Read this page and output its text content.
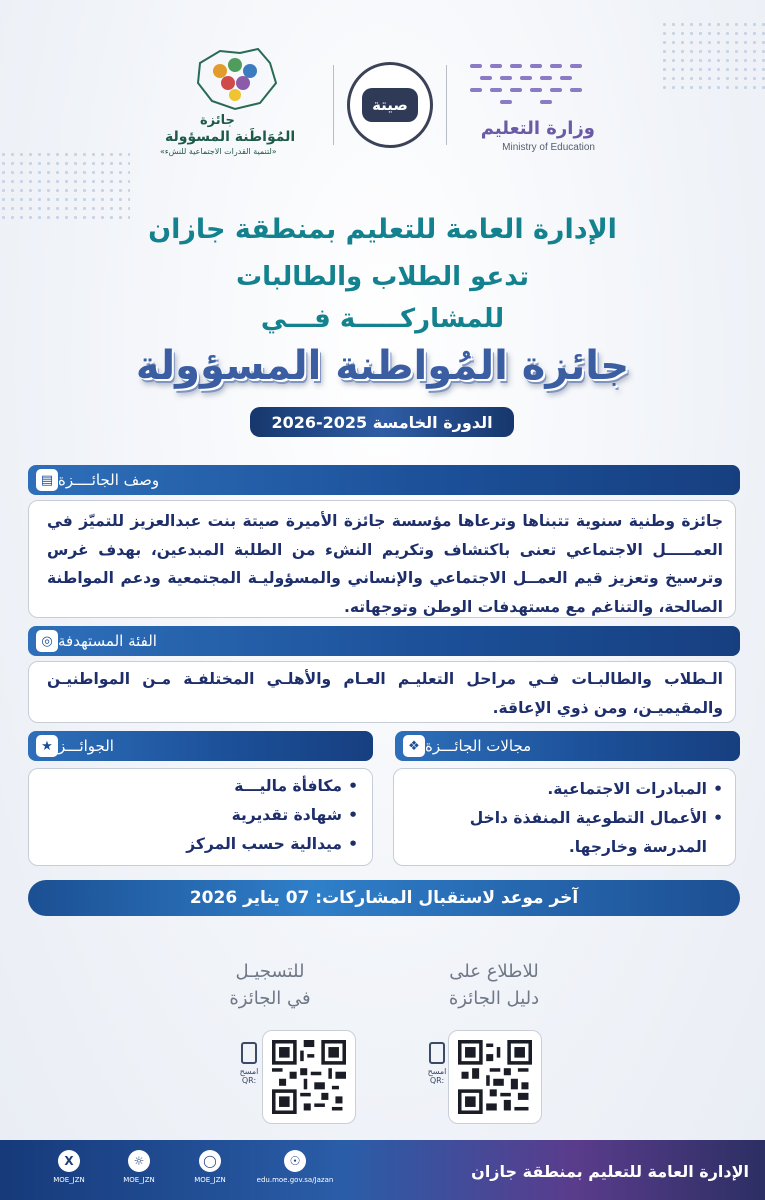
جائزة
المُوَاطَنة المسؤولة
«لتنمية القدرات الاجتماعية للنشء»
صيتة
وزارة التعليم
Ministry of Education
الإدارة العامة للتعليم بمنطقة جازان
تدعو الطلاب والطالبات
للمشاركـــــة فـــي
جائزة المُواطنة المسؤولة
الدورة الخامسة 2025-2026
▤ وصف الجائــــزة

جائزة وطنية سنوية تتبناها وترعاها مؤسسة جائزة الأميرة صيتة بنت عبدالعزيز للتميّز في العمـــــل الاجتماعي تعنى باكتشاف وتكريم النشء من الطلبة المبدعين، بهدف غرس وترسيخ وتعزيز قيم العمــل الاجتماعي والإنساني والمسؤوليـة المجتمعية ودعم المواطنة الصالحة، والتناغم مع مستهدفات الوطن وتوجهاته.

◎ الفئة المستهدفة

الـطلاب والطالبـات فـي مراحل التعليـم العـام والأهلـي المختلفـة مـن المواطنيـن والمقيميـن، ومن ذوي الإعاقة.

❖ مجالات الجائـــزة
• المبادرات الاجتماعية.
• الأعمال التطوعية المنفذة داخل المدرسة وخارجها.
★ الجوائـــز
• مكافأة ماليـــة
• شهادة تقديرية
• ميدالية حسب المركز
آخر موعد لاستقبال المشاركات: 07 يناير 2026
للاطلاع على
دليل الجائزة
امسح QR:
للتسجيـل
في الجائزة
امسح QR:
X
MOE_JZN
☼
MOE_JZN
◯
MOE_JZN
☉
edu.moe.gov.sa/Jazan	الإدارة العامة للتعليم بمنطقة جازان
